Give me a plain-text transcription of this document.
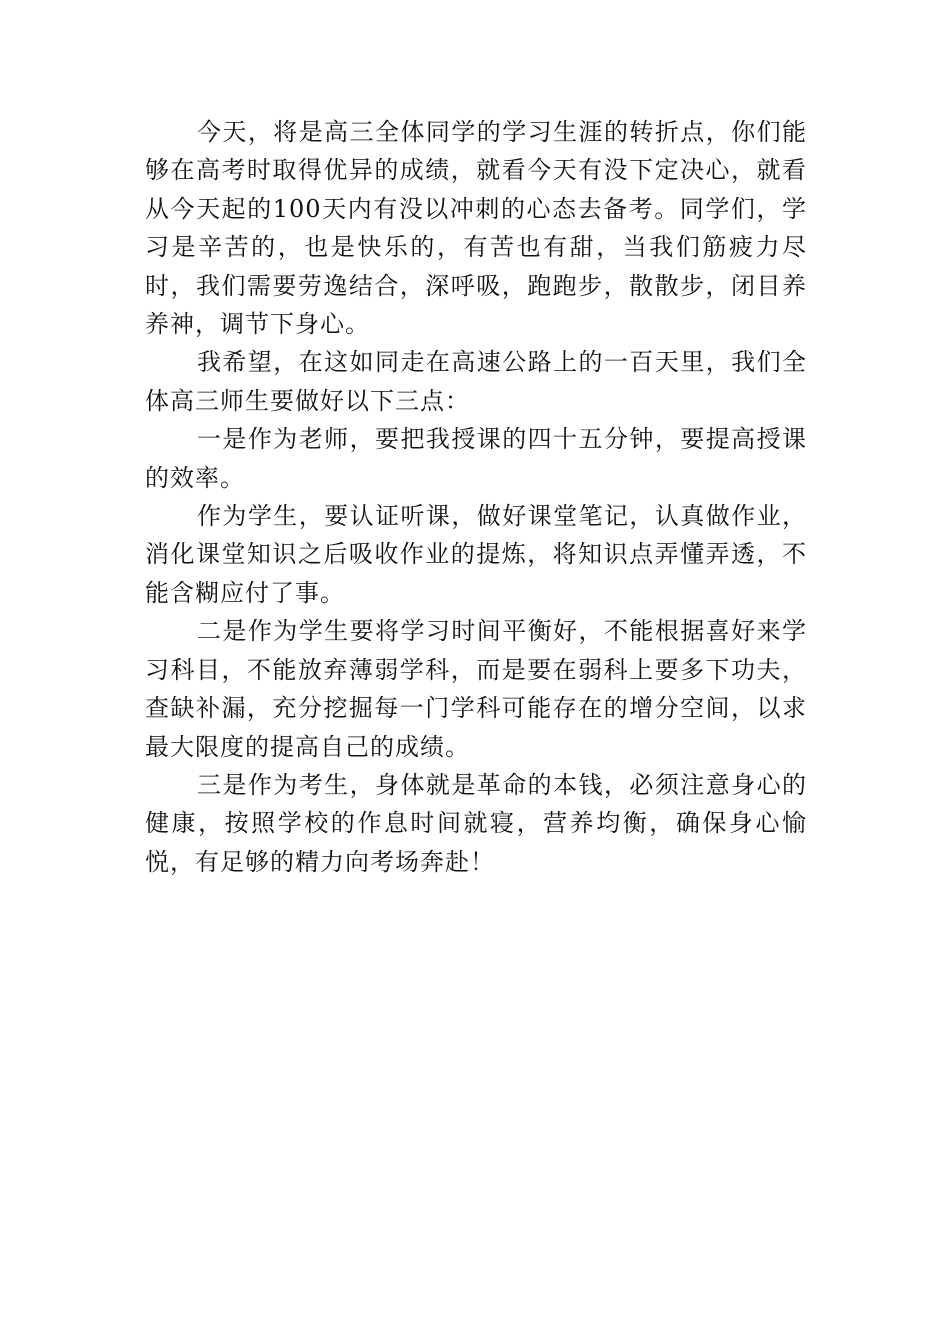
今天，将是高三全体同学的学习生涯的转折点，你们能够在高考时取得优异的成绩，就看今天有没下定决心，就看从今天起的100天内有没以冲刺的心态去备考。同学们，学习是辛苦的，也是快乐的，有苦也有甜，当我们筋疲力尽时，我们需要劳逸结合，深呼吸，跑跑步，散散步，闭目养养神，调节下身心。

我希望，在这如同走在高速公路上的一百天里，我们全体高三师生要做好以下三点：

一是作为老师，要把我授课的四十五分钟，要提高授课的效率。

作为学生，要认证听课，做好课堂笔记，认真做作业，消化课堂知识之后吸收作业的提炼，将知识点弄懂弄透，不能含糊应付了事。

二是作为学生要将学习时间平衡好，不能根据喜好来学习科目，不能放弃薄弱学科，而是要在弱科上要多下功夫，查缺补漏，充分挖掘每一门学科可能存在的增分空间，以求最大限度的提高自己的成绩。

三是作为考生，身体就是革命的本钱，必须注意身心的健康，按照学校的作息时间就寝，营养均衡，确保身心愉悦，有足够的精力向考场奔赴！
